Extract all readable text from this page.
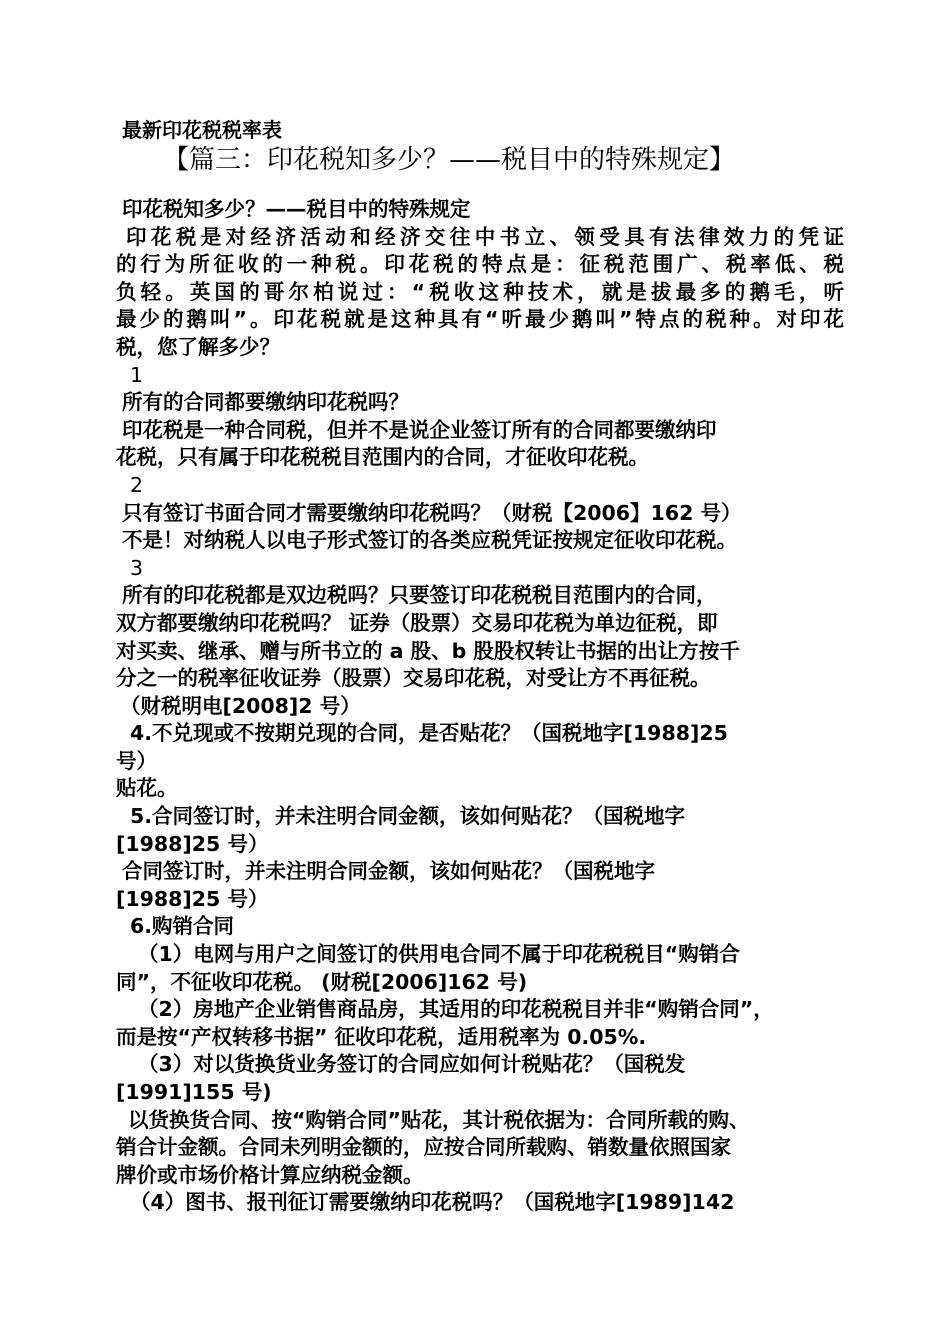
最新印花税税率表
【篇三：印花税知多少？——税目中的特殊规定】
印花税知多少？——税目中的特殊规定
印花税是对经济活动和经济交往中书立、领受具有法律效力的凭证
的行为所征收的一种税。印花税的特点是：征税范围广、税率低、税
负轻。英国的哥尔柏说过：“税收这种技术，就是拔最多的鹅毛，听
最少的鹅叫”。印花税就是这种具有“听最少鹅叫”特点的税种。对印花
税，您了解多少？
1
所有的合同都要缴纳印花税吗？
印花税是一种合同税，但并不是说企业签订所有的合同都要缴纳印
花税，只有属于印花税税目范围内的合同，才征收印花税。
2
只有签订书面合同才需要缴纳印花税吗？（财税【2006】162 号）
不是！对纳税人以电子形式签订的各类应税凭证按规定征收印花税。
3
所有的印花税都是双边税吗？只要签订印花税税目范围内的合同，
双方都要缴纳印花税吗？ 证券（股票）交易印花税为单边征税，即
对买卖、继承、赠与所书立的 a 股、b 股股权转让书据的出让方按千
分之一的税率征收证券（股票）交易印花税，对受让方不再征税。
（财税明电[2008]2 号）
4.不兑现或不按期兑现的合同，是否贴花？（国税地字[1988]25
号）
贴花。
5.合同签订时，并未注明合同金额，该如何贴花？（国税地字
[1988]25 号）
合同签订时，并未注明合同金额，该如何贴花？（国税地字
[1988]25 号）
6.购销合同
（1）电网与用户之间签订的供用电合同不属于印花税税目“购销合
同”，不征收印花税。 (财税[2006]162 号)
（2）房地产企业销售商品房，其适用的印花税税目并非“购销合同”，
而是按“产权转移书据” 征收印花税，适用税率为 0.05%.
（3）对以货换货业务签订的合同应如何计税贴花？（国税发
[1991]155 号)
以货换货合同、按“购销合同”贴花，其计税依据为：合同所载的购、
销合计金额。合同未列明金额的，应按合同所载购、销数量依照国家
牌价或市场价格计算应纳税金额。
（4）图书、报刊征订需要缴纳印花税吗？（国税地字[1989]142
